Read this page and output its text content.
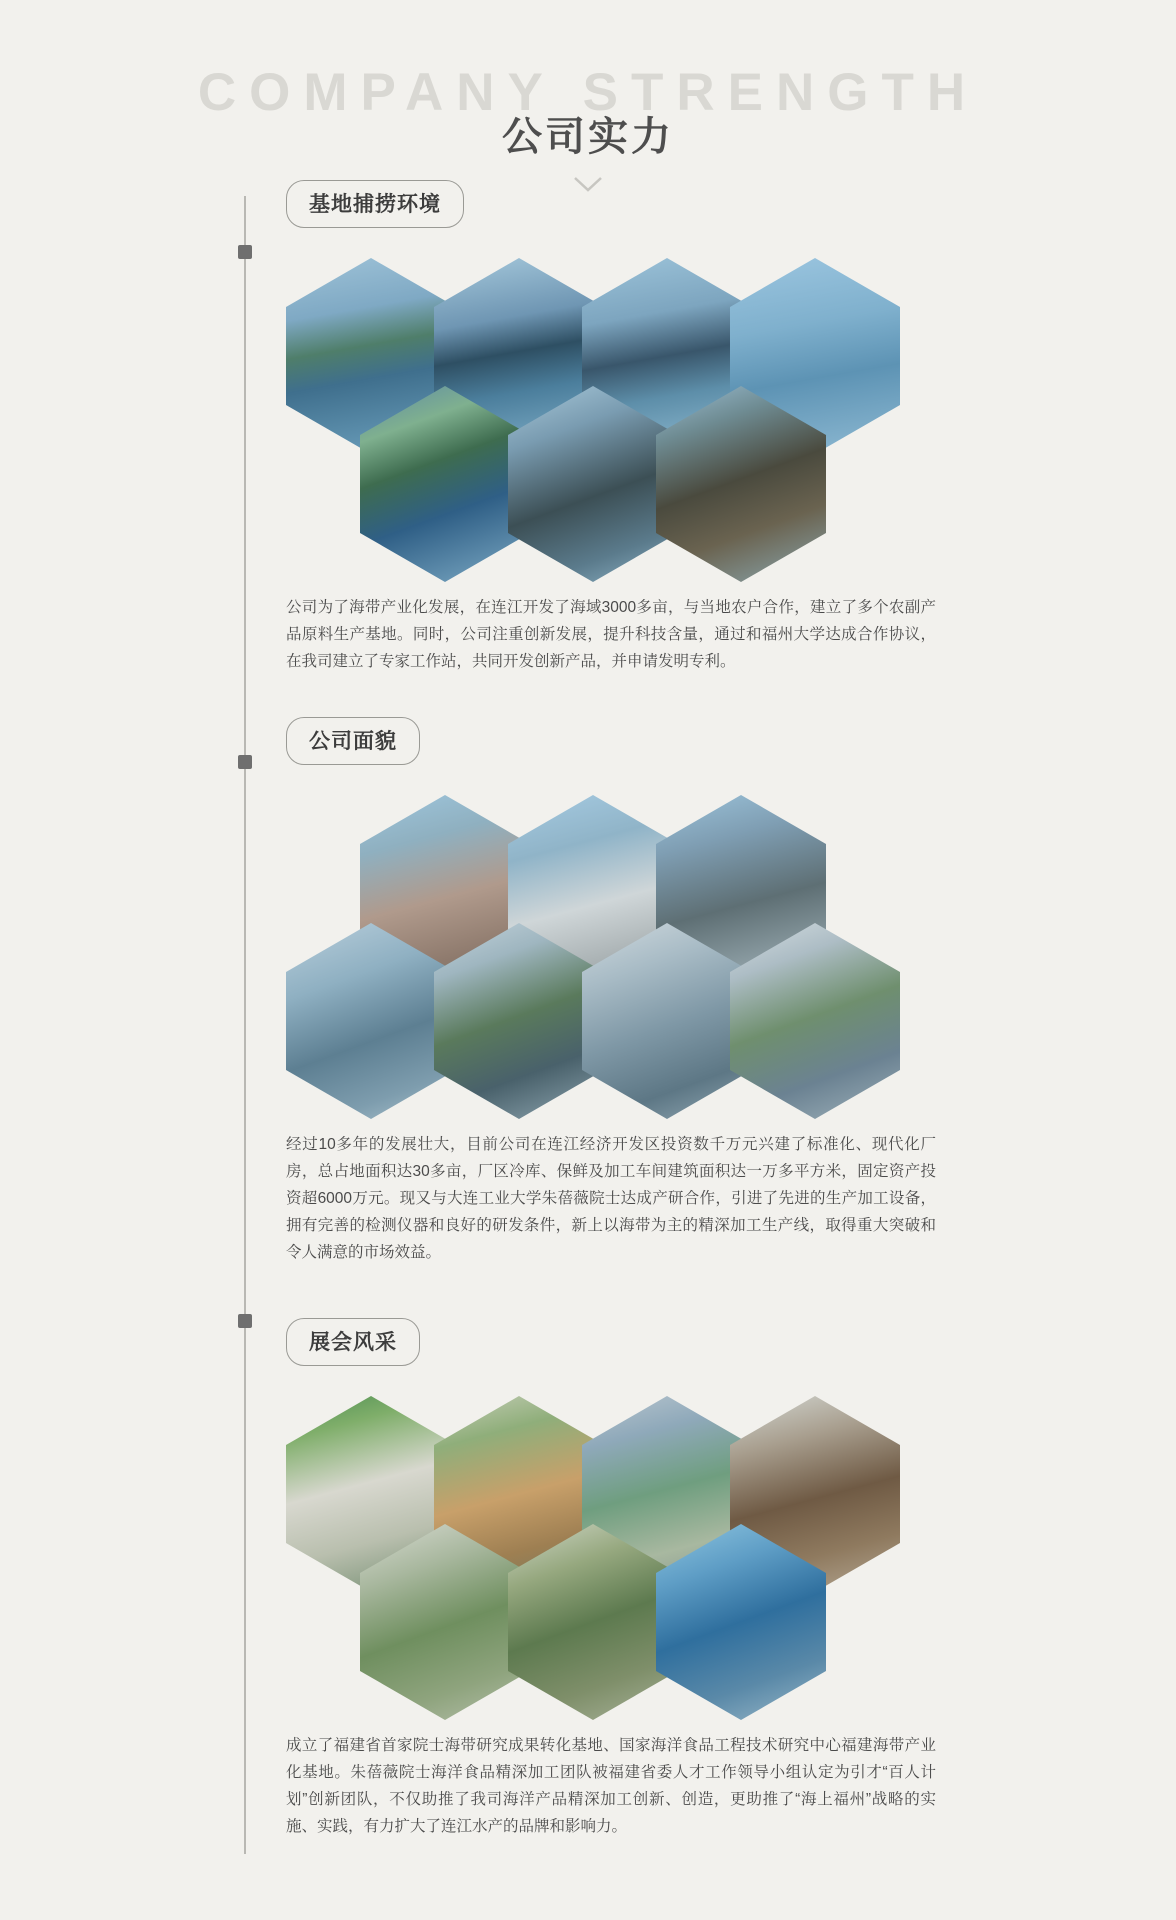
COMPANY STRENGTH
公司实力
基地捕捞环境
公司为了海带产业化发展，在连江开发了海域3000多亩，与当地农户合作，建立了多个农副产品原料生产基地。同时，公司注重创新发展，提升科技含量，通过和福州大学达成合作协议，在我司建立了专家工作站，共同开发创新产品，并申请发明专利。
公司面貌
经过10多年的发展壮大，目前公司在连江经济开发区投资数千万元兴建了标准化、现代化厂房，总占地面积达30多亩，厂区冷库、保鲜及加工车间建筑面积达一万多平方米，固定资产投资超6000万元。现又与大连工业大学朱蓓薇院士达成产研合作，引进了先进的生产加工设备，拥有完善的检测仪器和良好的研发条件，新上以海带为主的精深加工生产线，取得重大突破和令人满意的市场效益。
展会风采
成立了福建省首家院士海带研究成果转化基地、国家海洋食品工程技术研究中心福建海带产业化基地。朱蓓薇院士海洋食品精深加工团队被福建省委人才工作领导小组认定为引才“百人计划”创新团队，不仅助推了我司海洋产品精深加工创新、创造，更助推了“海上福州”战略的实施、实践，有力扩大了连江水产的品牌和影响力。
